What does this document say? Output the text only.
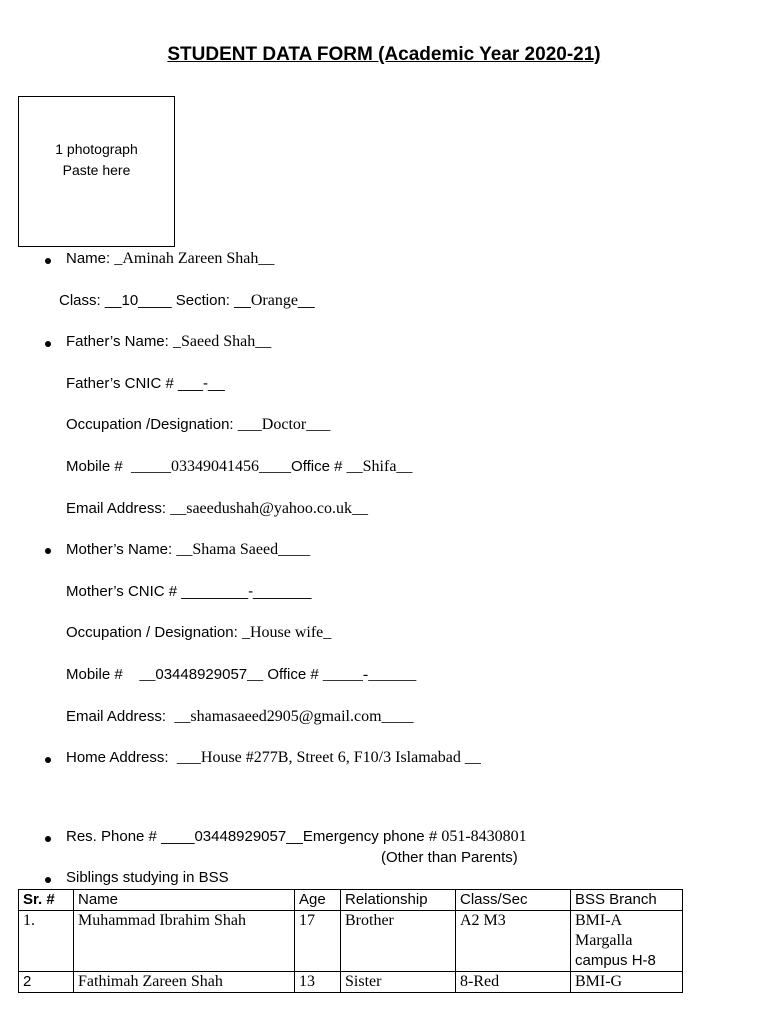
STUDENT DATA FORM (Academic Year 2020-21)
1 photograph
Paste here
Name: _Aminah Zareen Shah__
Class: __10____ Section: __Orange__
Father’s Name: _Saeed Shah__
Father’s CNIC # ___-__
Occupation /Designation: ___Doctor___
Mobile # _____03349041456____Office # __Shifa__
Email Address: __saeedushah@yahoo.co.uk__
Mother’s Name: __Shama Saeed____
Mother’s CNIC # ________-_______
Occupation / Designation: _House wife_
Mobile # __03448929057__ Office # _____-______
Email Address: __shamasaeed2905@gmail.com____
Home Address: ___House #277B, Street 6, F10/3 Islamabad __
Res. Phone # ____03448929057__Emergency phone # 051-8430801
(Other than Parents)
Siblings studying in BSS
Sr. #	Name	Age	Relationship	Class/Sec	BSS Branch
1.	Muhammad Ibrahim Shah	17	Brother	A2 M3	BMI-A
Margalla
campus H-8

2	Fathimah Zareen Shah	13	Sister	8-Red	BMI-G
